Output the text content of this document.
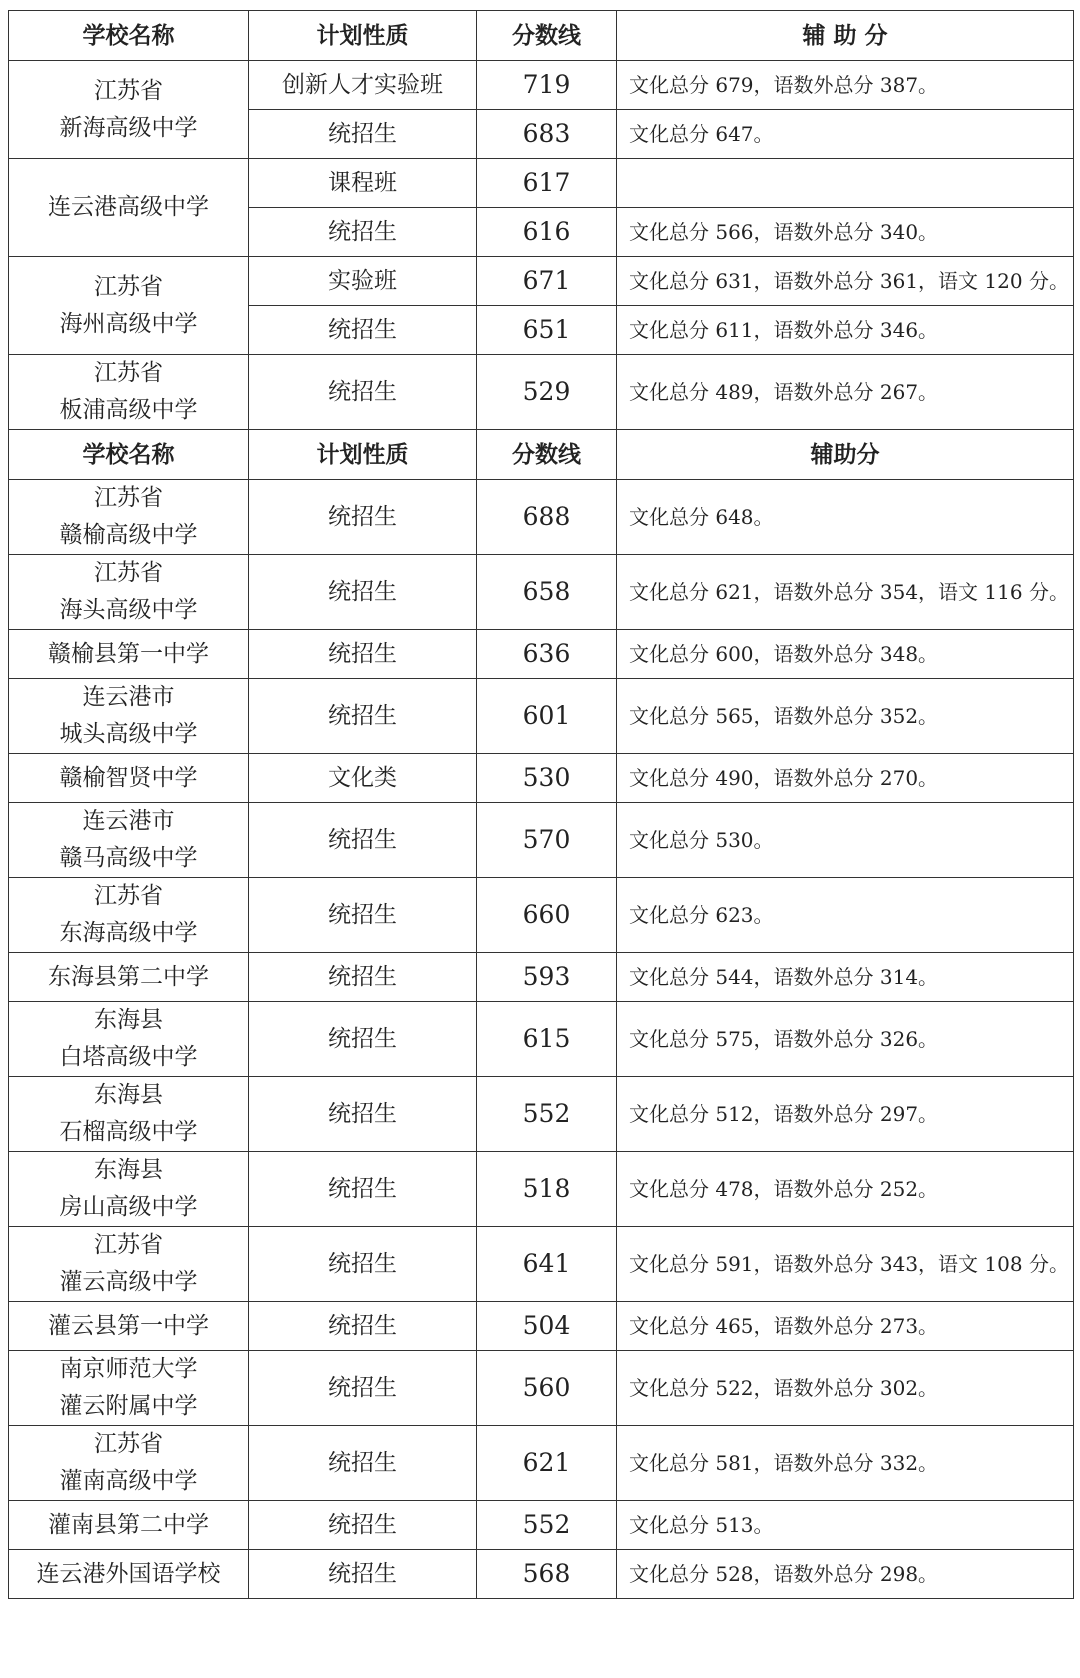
学校名称	计划性质	分数线	辅 助 分

江苏省
新海高级中学	创新人才实验班	719	文化总分 679，语数外总分 387。
	统招生	683	文化总分 647。

连云港高级中学	课程班	617	
	统招生	616	文化总分 566，语数外总分 340。

江苏省
海州高级中学	实验班	671	文化总分 631，语数外总分 361，语文 120 分。
	统招生	651	文化总分 611，语数外总分 346。

江苏省
板浦高级中学	统招生	529	文化总分 489，语数外总分 267。
学校名称	计划性质	分数线	辅助分

江苏省
赣榆高级中学	统招生	688	文化总分 648。

江苏省
海头高级中学	统招生	658	文化总分 621，语数外总分 354，语文 116 分。

赣榆县第一中学	统招生	636	文化总分 600，语数外总分 348。

连云港市
城头高级中学	统招生	601	文化总分 565，语数外总分 352。

赣榆智贤中学	文化类	530	文化总分 490，语数外总分 270。

连云港市
赣马高级中学	统招生	570	文化总分 530。

江苏省
东海高级中学	统招生	660	文化总分 623。

东海县第二中学	统招生	593	文化总分 544，语数外总分 314。

东海县
白塔高级中学	统招生	615	文化总分 575，语数外总分 326。

东海县
石榴高级中学	统招生	552	文化总分 512，语数外总分 297。

东海县
房山高级中学	统招生	518	文化总分 478，语数外总分 252。

江苏省
灌云高级中学	统招生	641	文化总分 591，语数外总分 343，语文 108 分。

灌云县第一中学	统招生	504	文化总分 465，语数外总分 273。

南京师范大学
灌云附属中学	统招生	560	文化总分 522，语数外总分 302。

江苏省
灌南高级中学	统招生	621	文化总分 581，语数外总分 332。

灌南县第二中学	统招生	552	文化总分 513。

连云港外国语学校	统招生	568	文化总分 528，语数外总分 298。
